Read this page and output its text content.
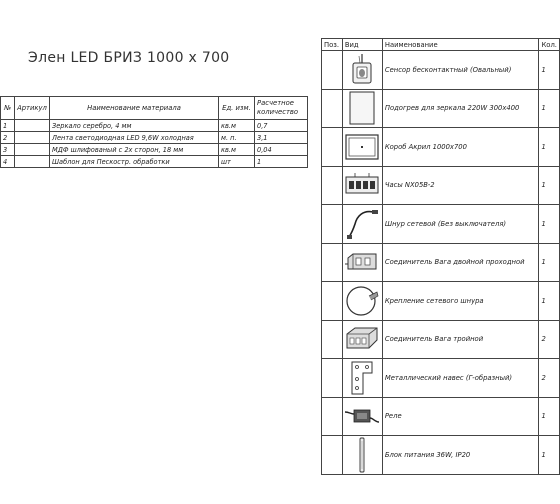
Элен LED БРИЗ 1000 x 700
№	Артикул	Наименование материала	Ед. изм.	Расчетное количество
1		Зеркало серебро, 4 мм	кв.м	0,7
2		Лента светодиодная LED 9,6W холодная	м. п.	3,1
3		МДФ шлифованый с 2х сторон, 18 мм	кв.м	0,04
4		Шаблон для Пескостр. обработки	шт	1
Поз.	Вид	Наименование	Кол.

	Сенсор бесконтактный (Овальный)	1

	Подогрев для зеркала 220W 300x400	1

	Короб Акрил 1000x700	1

	Часы NX05B-2	1

	Шнур сетевой (Без выключателя)	1

	Соединитель Вага двойной проходной	1

	Крепление сетевого шнура	1

	Соединитель Вага тройной	2

	Металлический навес (Г-образный)	2

	Реле	1

	Блок питания 36W, IP20	1
